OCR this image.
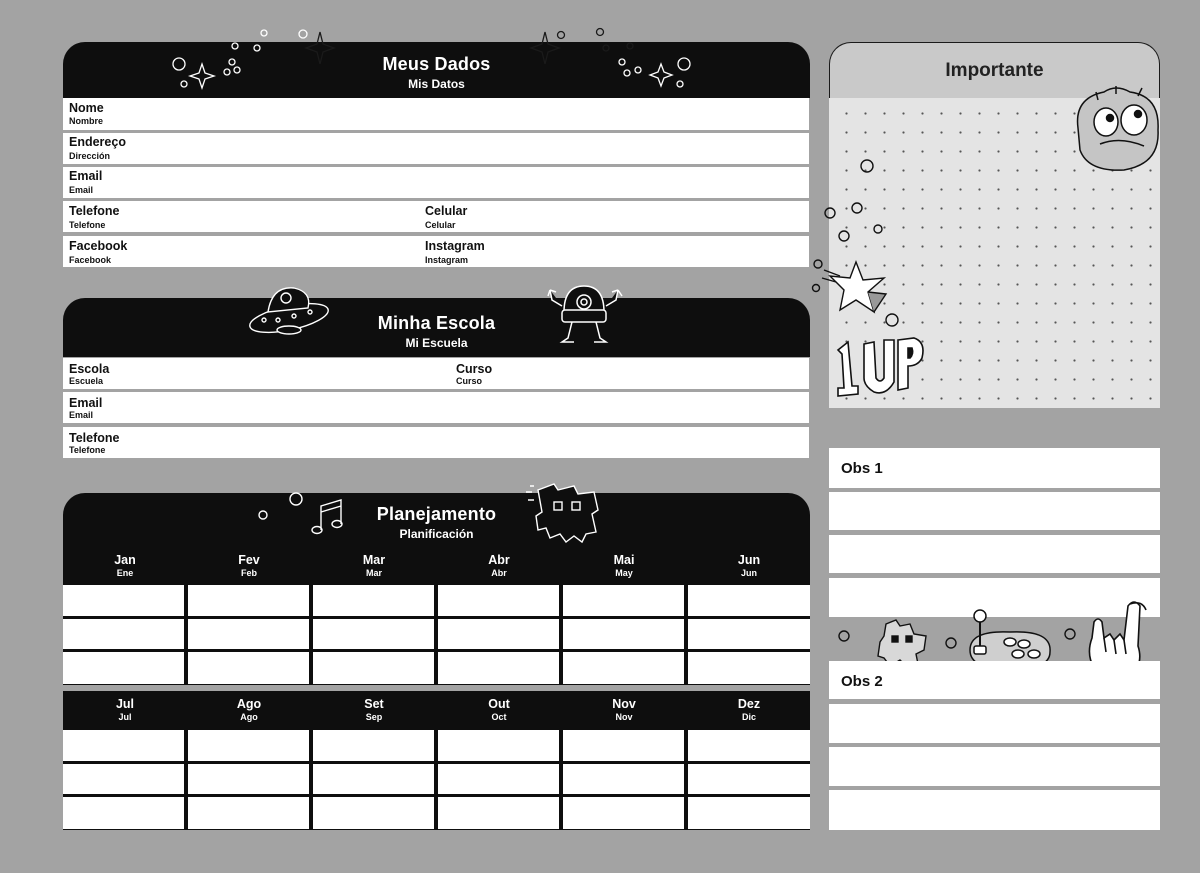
Meus Dados
Mis Datos
Nome
Nombre
Endereço
Dirección
Email
Email
Telefone
Telefone
Celular
Celular
Facebook
Facebook
Instagram
Instagram
Minha Escola
Mi Escuela
Escola
Escuela
Curso
Curso
Email
Email
Telefone
Telefone
Planejamento
Planificación
Jan
Ene
Fev
Feb
Mar
Mar
Abr
Abr
Mai
May
Jun
Jun
Jul
Jul
Ago
Ago
Set
Sep
Out
Oct
Nov
Nov
Dez
Dic
Importante
Obs 1
Obs 2
